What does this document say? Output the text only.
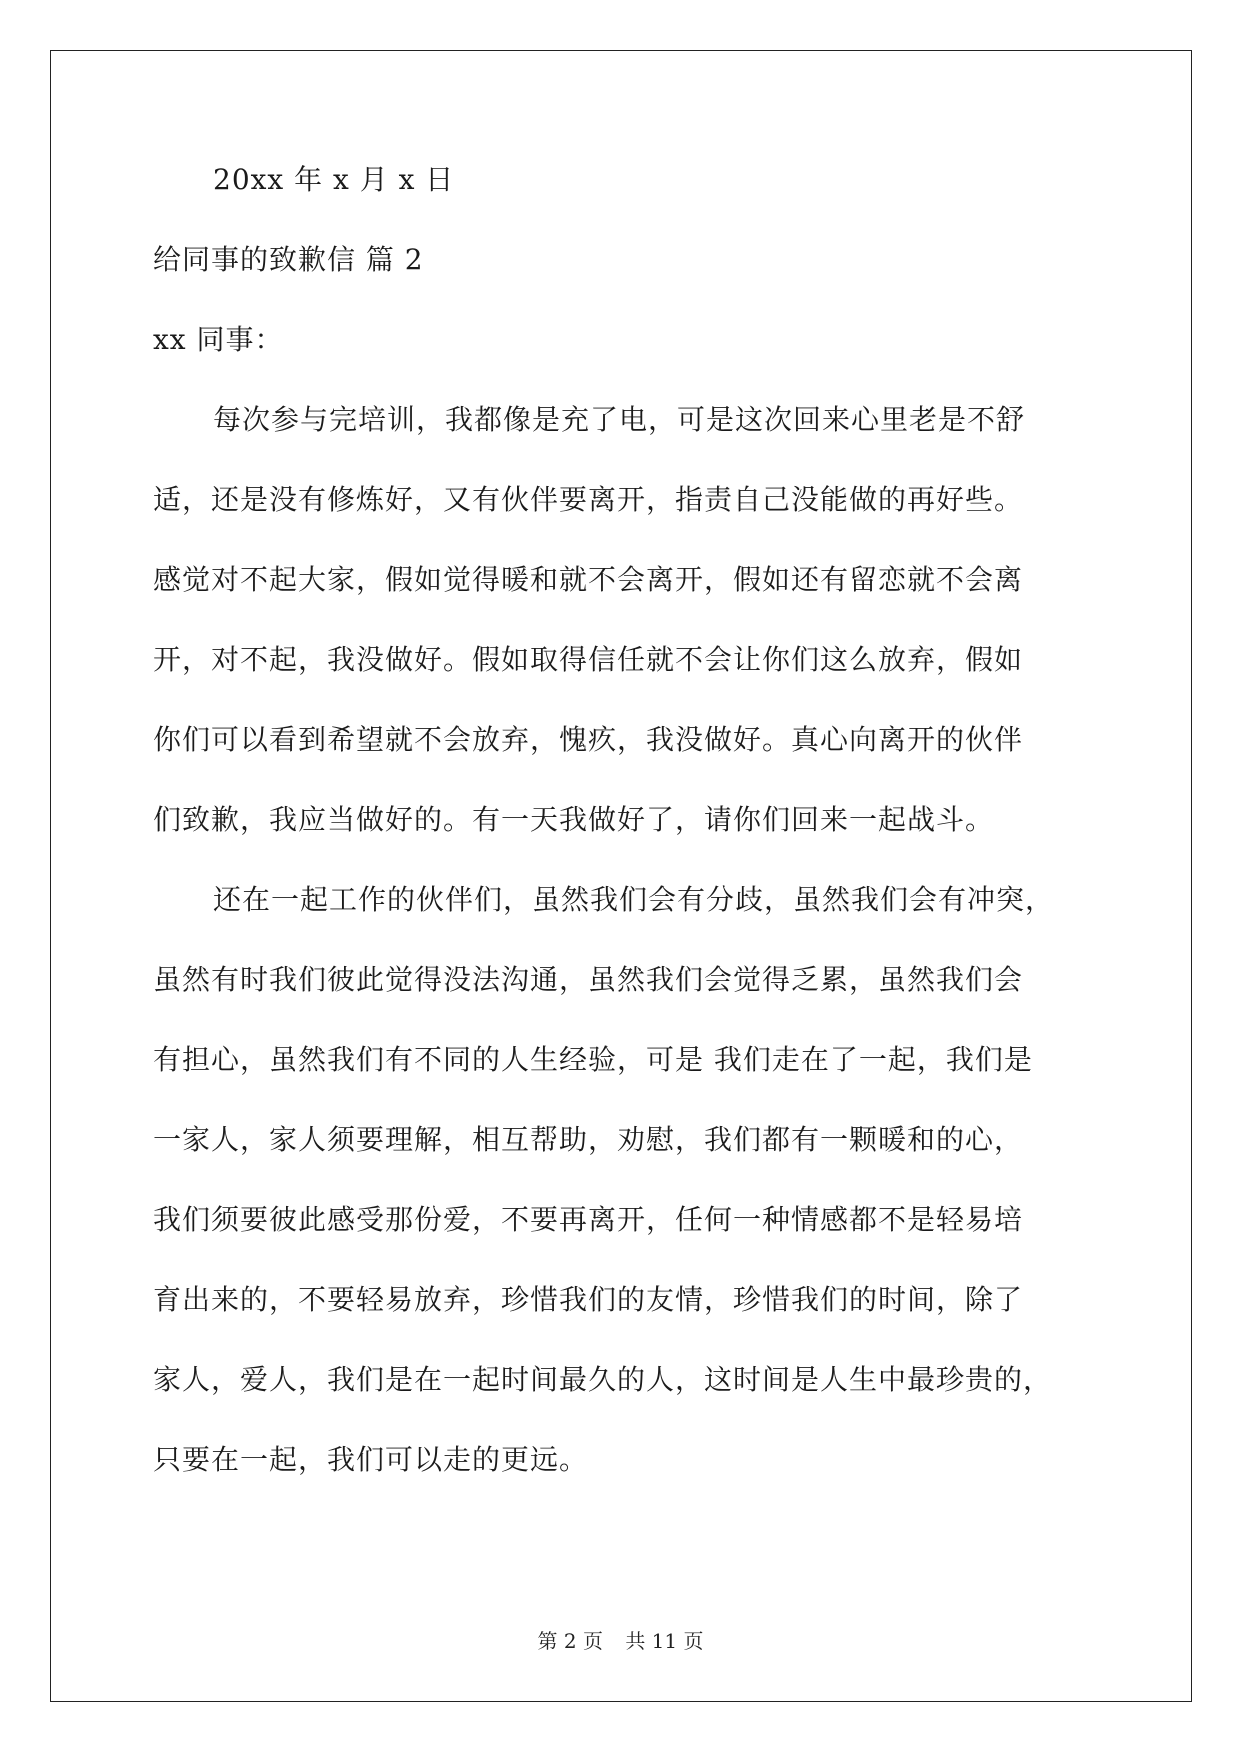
20xx 年 x 月 x 日
给同事的致歉信 篇 2
xx 同事：
每次参与完培训，我都像是充了电，可是这次回来心里老是不舒
适，还是没有修炼好，又有伙伴要离开，指责自己没能做的再好些。
感觉对不起大家，假如觉得暖和就不会离开，假如还有留恋就不会离
开，对不起，我没做好。假如取得信任就不会让你们这么放弃，假如
你们可以看到希望就不会放弃，愧疚，我没做好。真心向离开的伙伴
们致歉，我应当做好的。有一天我做好了，请你们回来一起战斗。
还在一起工作的伙伴们，虽然我们会有分歧，虽然我们会有冲突，
虽然有时我们彼此觉得没法沟通，虽然我们会觉得乏累，虽然我们会
有担心，虽然我们有不同的人生经验，可是 我们走在了一起，我们是
一家人，家人须要理解，相互帮助，劝慰，我们都有一颗暖和的心，
我们须要彼此感受那份爱，不要再离开，任何一种情感都不是轻易培
育出来的，不要轻易放弃，珍惜我们的友情，珍惜我们的时间，除了
家人，爱人，我们是在一起时间最久的人，这时间是人生中最珍贵的，
只要在一起，我们可以走的更远。
第 2 页 共 11 页
